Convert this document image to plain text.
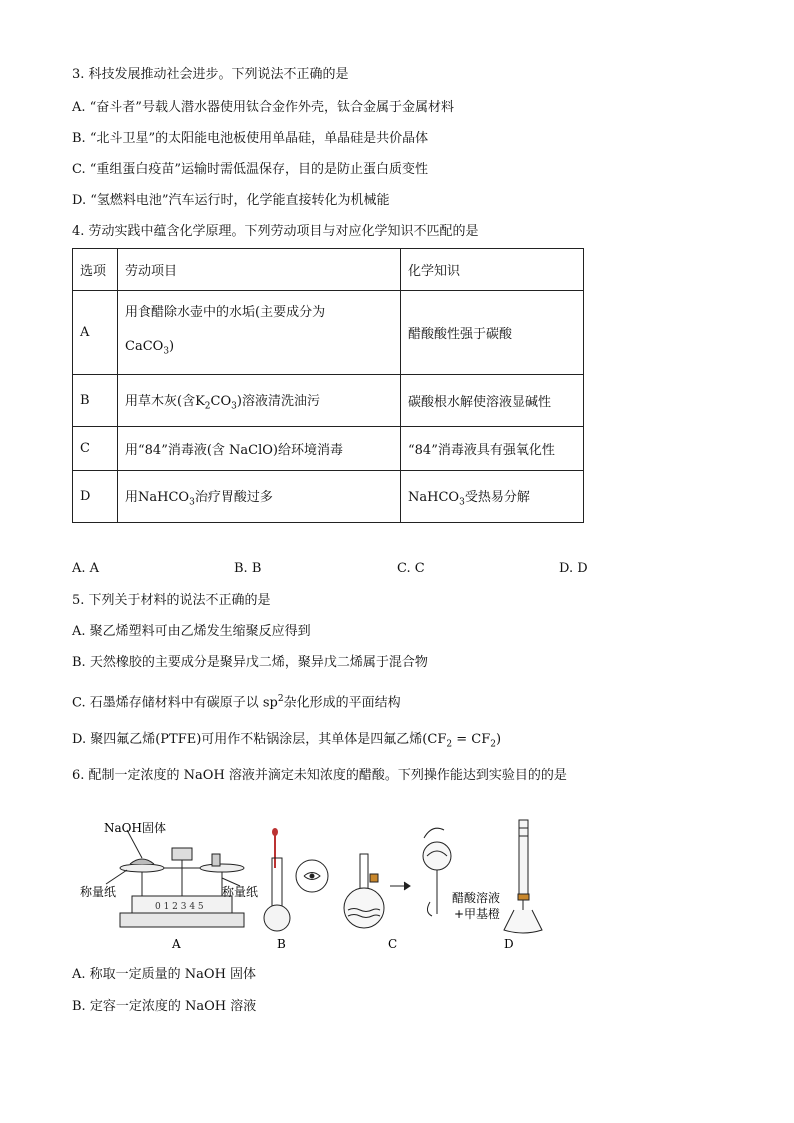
3. 科技发展推动社会进步。下列说法不正确的是
A. “奋斗者”号载人潜水器使用钛合金作外壳，钛合金属于金属材料
B. “北斗卫星”的太阳能电池板使用单晶硅，单晶硅是共价晶体
C. “重组蛋白疫苗”运输时需低温保存，目的是防止蛋白质变性
D. “氢燃料电池”汽车运行时，化学能直接转化为机械能
4. 劳动实践中蕴含化学原理。下列劳动项目与对应化学知识不匹配的是
选项	劳动项目	化学知识
A	用食醋除水壶中的水垢(主要成分为
CaCO$_3$)	醋酸酸性强于碳酸
B	用草木灰(含$K_2CO_3$)溶液清洗油污	碳酸根水解使溶液显碱性
C	用“84”消毒液(含 NaClO)给环境消毒	“84”消毒液具有强氧化性
D	用NaHCO$_3$治疗胃酸过多	NaHCO$_3$受热易分解
A. A	B. B	C. C	D. D
5. 下列关于材料的说法不正确的是
A. 聚乙烯塑料可由乙烯发生缩聚反应得到
B. 天然橡胶的主要成分是聚异戊二烯，聚异戊二烯属于混合物
C. 石墨烯存储材料中有碳原子以 $sp^2$杂化形成的平面结构
D. 聚四氟乙烯(PTFE)可用作不粘锅涂层，其单体是四氟乙烯$(CF_2 = CF_2)$
6. 配制一定浓度的 NaOH 溶液并滴定未知浓度的醋酸。下列操作能达到实验目的的是
0 1 2 3 4 5
NaOH固体
称量纸	称量纸
A	B	C
醋酸溶液
+甲基橙
D
A. 称取一定质量的 NaOH 固体
B. 定容一定浓度的 NaOH 溶液
